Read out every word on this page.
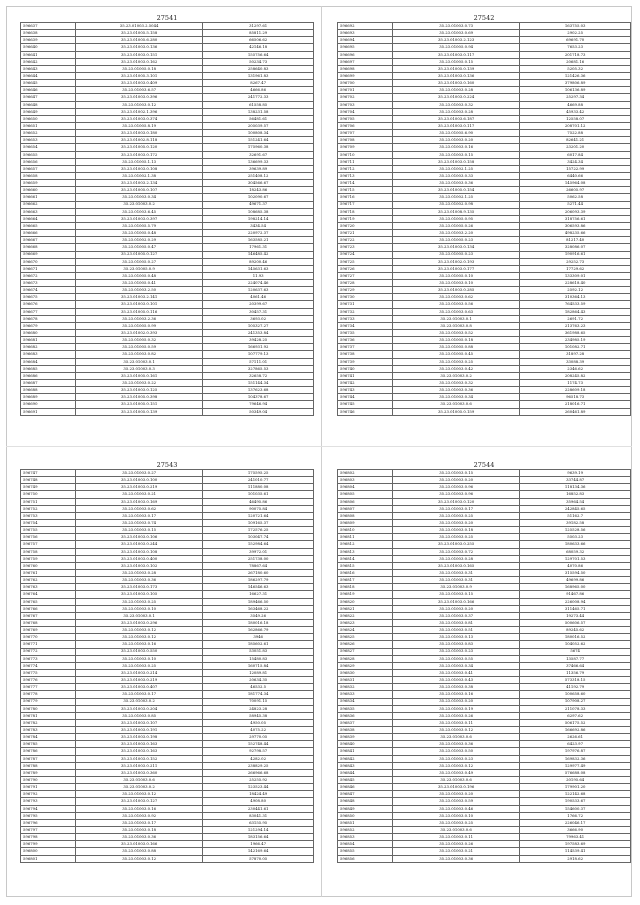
27541
596637	35.23.01003.2.5044	31297.61
596638	35.23.01005.5.158	85811.29
596639	35.23.01005.6.280	66506.62
596640	35.23.01003.0.136	42146.18
596641	35.23.01003.0.151	155756.64
596642	35.23.01003.0.162	50234.73
596643	35.23.01005.0.18	258640.83
596644	35.23.01005.3.101	131961.83
596645	35.23.01003.0.409	8267.47
596646	35.23.01003.6.57	4666.86
596647	35.23.01003.0.396	241772.33
596648	35.23.01003.0.12	61558.85
596649	35.23.01002.1.396	138231.58
596650	35.23.01003.0.374	56481.61
596651	35.23.01005.8.19	205039.57
596652	35.23.01003.0.180	100808.34
596653	35.23.01002.8.118	151241.64
596654	35.23.01005.0.120	175960.38
596655	35.23.01003.0.172	32691.67
596656	35.23.01005.1.13	136699.33
596657	35.23.01003.0.108	39639.89
596658	35.23.01002.1.38	251408.12
596659	35.23.01003.2.134	304566.67
596660	35.23.01005.0.107	18243.86
596661	35.23.01003.0.34	102090.67
596662	35.23.01003.0.2	49671.37
596663	35.23.01003.6.45	108685.38
596664	35.23.01003.0.397	198214.14
596665	35.23.01005.5.79	3434.54
596666	35.23.01005.0.48	220972.37
596667	35.23.01002.0.29	163585.21
596668	35.23.01005.0.47	17961.31
596669	35.23.01005.0.127	146485.42
596670	35.23.01005.0.27	89200.46
596671	35.23.01005.0.9	145631.63
596672	35.23.01005.0.48	11.93
596673	35.23.01005.0.41	224074.46
596674	35.23.01003.2.50	120637.63
596675	35.23.01003.2.141	4061.46
596676	35.23.01003.0.101	20399.67
596677	35.23.01005.0.116	30457.31
596678	35.23.01003.2.36	3693.02
596679	35.23.01005.0.99	105327.27
596680	35.23.01002.0.393	241353.84
596681	35.23.01005.0.32	39428.25
596682	35.23.01005.0.59	166931.92
596683	35.23.01003.0.82	107779.13
596684	35.23.01003.0.1	57111.01
596685	35.23.01003.0.3	327865.53
596686	35.23.01005.0.161	32658.72
596687	35.23.01003.0.22	151144.34
596688	35.23.01003.0.125	137623.68
596689	35.23.01005.0.398	104378.67
596690	35.23.01005.0.151	79646.94
596691	35.23.01005.0.139	50349.04
27542
596692	35.23.01003.0.73	163755.03
596693	35.23.01003.0.69	2902.25
596694	35.23.01003.2.123	69691.70
596695	35.23.01005.0.94	7653.23
596696	35.23.01003.0.117	201718.73
596697	35.23.01005.0.15	20681.16
596698	35.23.01005.0.139	5205.32
596699	35.23.01003.0.136	121426.36
596700	35.23.01003.0.160	379806.89
596701	35.23.01003.0.28	106136.89
596702	35.23.01003.0.224	25297.34
596703	35.23.01003.0.32	4669.88
596704	35.23.01003.0.28	45933.42
596705	35.23.01003.6.187	12558.07
596706	35.23.01003.0.117	208701.12
596707	35.23.01005.6.90	7522.88
596708	35.23.01003.0.20	82641.21
596709	35.23.01003.0.16	23201.20
596710	35.23.01003.0.15	6017.84
596711	35.23.01003.0.158	3424.34
596712	35.23.01002.1.25	15722.99
596713	35.23.01003.0.33	6440.66
596714	35.23.01003.0.36	145964.08
596715	35.23.01005.0.154	26605.97
596716	35.23.01002.1.25	5062.58
596717	35.23.01002.0.98	5271.44
596718	35.23.01008.9.135	206093.39
596719	35.23.01005.0.95	318756.61
596720	35.23.01005.0.26	306593.86
596721	35.23.01003.2.20	498235.66
596722	35.23.01005.0.23	81217.40
596723	35.23.01003.0.134	328086.07
596724	35.23.01005.0.23	190916.61
596725	35.23.01002.0.193	29252.73
596726	35.23.01003.0.177	17729.62
596727	35.23.01005.0.10	133309.01
596728	35.23.01003.0.10	228618.40
596729	35.23.01003.0.285	2592.12
596730	35.23.01003.0.62	310364.13
596731	35.23.01003.0.56	764533.59
596732	35.23.01003.0.63	182864.43
596733	35.23.01003.0.1	2691.72
596734	35.23.01003.0.8	213763.23
596735	35.23.01003.0.52	361988.65
596736	35.23.01005.0.18	234985.19
596737	35.23.01005.0.88	101082.71
596738	35.23.01005.0.45	31897.28
596739	35.23.01003.0.25	33088.39
596740	35.23.01003.0.42	2346.62
596741	35.23.01003.0.2	208245.82
596742	35.23.01003.0.32	1174.73
596743	35.23.01003.0.36	228609.18
596744	35.23.01003.0.34	96518.73
596745	35.23.01003.0.6	218016.71
596746	35.23.01005.0.159	260461.89
27543
596747	35.23.01003.0.27	175595.25
596748	35.23.01003.0.100	241010.77
596749	35.23.01003.0.219	111880.08
596750	35.23.01003.0.21	101035.61
596751	35.23.01003.0.169	46495.86
596752	35.23.01003.0.62	90075.84
596753	35.23.01003.0.17	120721.64
596754	35.23.01003.0.74	109165.37
596755	35.23.01003.0.15	172576.25
596756	35.23.01003.0.106	103047.74
596757	35.23.01003.0.244	152984.64
596758	35.23.01003.0.108	39972.01
596759	35.23.01003.0.400	251738.00
596760	35.23.01003.0.102	78867.64
596761	35.23.01003.0.28	267180.60
596762	35.23.01003.0.36	186297.79
596763	35.23.01003.0.173	146546.63
596764	35.23.01003.0.105	16627.31
596765	35.23.01003.0.25	189466.50
596766	35.23.01003.0.10	163468.22
596767	35.23.01003.0.1	3549.26
596768	35.23.01003.0.296	180016.18
596769	35.23.01003.0.12	162866.79
596770	35.23.01003.0.12	3946
596771	35.23.01003.0.16	185602.61
596772	35.23.01003.0.550	53051.83
596773	35.23.01003.0.10	15480.83
596774	35.23.01003.0.25	160715.84
596775	35.23.01003.0.214	12089.81
596776	35.23.01003.0.219	20634.35
596777	35.23.01003.0.407	46532.5
596778	35.23.01003.0.17	181774.34
596779	35.23.01003.0.2	70091.15
596780	35.23.01003.0.204	24823.28
596781	35.23.01003.0.85	58945.38
596782	35.23.01003.0.107	4950.05
596783	35.23.01003.0.191	4075.22
596784	35.23.01003.0.198	29770.05
596785	35.23.01003.0.163	152748.44
596786	35.23.01003.0.163	92798.57
596787	35.23.01003.0.152	4282.02
596788	35.23.01003.0.211	238829.25
596789	35.23.01003.0.360	266966.68
596790	35.23.01003.0.6	25255.92
596791	35.23.01003.0.2	123523.44
596792	35.23.01003.0.12	18424.49
596793	35.23.01003.0.127	4908.80
596794	35.23.01003.0.16	230441.61
596795	35.23.01003.0.92	83041.31
596796	35.23.01003.0.17	63155.95
596797	35.23.01003.0.18	121294.14
596798	35.23.01003.0.36	183156.64
596799	35.23.01003.0.166	1966.47
596800	35.23.01003.0.88	142169.64
596801	35.23.01003.0.12	57870.05
27544
596802	35.23.01003.0.15	9639.19
596803	35.23.01003.0.20	33744.87
596804	35.23.01003.0.96	118134.36
596805	35.23.01003.0.96	16852.83
596806	35.23.01003.0.120	35964.54
596807	35.23.01003.0.17	242845.65
596808	35.23.01003.0.25	51162.7
596809	35.23.01003.0.20	39182.58
596810	35.23.01003.0.18	125528.56
596811	35.23.01003.0.25	5503.23
596812	35.23.01003.0.255	180633.66
596813	35.23.01003.0.72	68059.32
596814	35.23.01003.0.28	129701.53
596815	35.23.01003.0.165	4070.86
596816	35.23.01003.0.31	315594.50
596817	35.23.01003.0.31	49699.86
596818	35.23.01003.0.9	168965.00
596819	35.23.01003.0.15	91467.86
596820	35.23.01003.0.166	226008.94
596821	35.23.01003.0.20	311465.71
596822	35.23.01003.0.37	19273.44
596823	35.23.01003.0.81	500606.57
596824	35.23.01003.0.51	89245.62
596825	35.23.01003.0.13	180016.52
596826	35.23.01003.0.83	104052.62
596827	35.23.01003.0.23	5674
596828	35.23.01003.0.55	13587.77
596829	35.23.01003.0.34	37466.64
596830	35.23.01003.0.41	11356.79
596831	35.23.01003.0.43	573318.15
596832	35.23.01003.0.38	41192.79
596833	35.23.01003.0.16	100658.60
596834	35.23.01003.0.20	107908.27
596835	35.23.01003.0.19	211078.33
596836	35.23.01003.0.26	6297.62
596837	35.23.01003.0.11	506175.52
596838	35.23.01003.0.12	166692.86
596839	35.23.01003.0.6	2626.61
596840	35.23.01003.0.36	6423.97
596841	35.23.01003.0.50	197976.87
596842	35.23.01003.0.23	169832.36
596843	35.23.01003.0.12	129977.49
596844	35.23.01003.0.49	576688.08
596845	35.23.01003.0.6	20195.64
596846	35.23.01003.0.196	179901.20
596847	35.23.01003.0.20	122142.68
596848	35.23.01003.0.59	190533.67
596849	35.23.01003.0.46	154600.37
596850	35.23.01003.0.10	1766.72
596851	35.23.01003.0.25	226046.17
596852	35.23.01003.0.6	3666.90
596853	35.23.01003.0.11	79963.41
596854	35.23.01003.0.26	197583.69
596855	35.23.01003.0.21	114539.41
596856	35.23.01003.0.36	2918.62
